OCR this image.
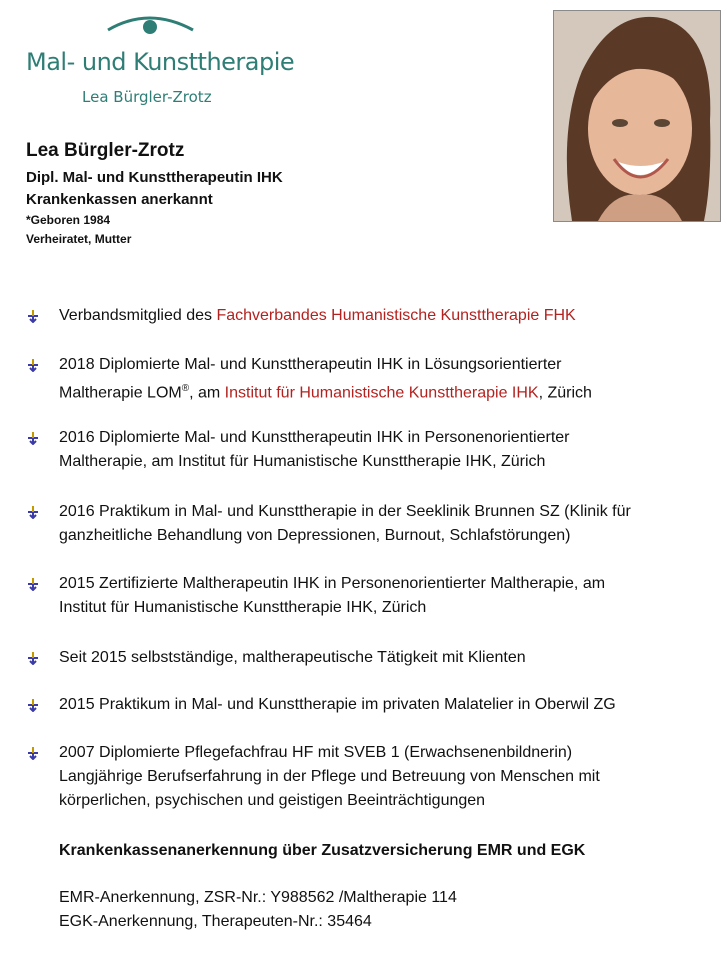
Mal- und Kunsttherapie
Lea Bürgler-Zrotz
Lea Bürgler-Zrotz
Dipl. Mal- und Kunsttherapeutin IHK
Krankenkassen anerkannt
*Geboren 1984
Verheiratet, Mutter
Verbandsmitglied des Fachverbandes Humanistische Kunsttherapie FHK
2018 Diplomierte Mal- und Kunsttherapeutin IHK in Lösungsorientierter
Maltherapie LOM®, am Institut für Humanistische Kunsttherapie IHK, Zürich
2016 Diplomierte Mal- und Kunsttherapeutin IHK in Personenorientierter
Maltherapie, am Institut für Humanistische Kunsttherapie IHK, Zürich
2016 Praktikum in Mal- und Kunsttherapie in der Seeklinik Brunnen SZ (Klinik für
ganzheitliche Behandlung von Depressionen, Burnout, Schlafstörungen)
2015 Zertifizierte Maltherapeutin IHK in Personenorientierter Maltherapie, am
Institut für Humanistische Kunsttherapie IHK, Zürich
Seit 2015 selbstständige, maltherapeutische Tätigkeit mit Klienten
2015 Praktikum in Mal- und Kunsttherapie im privaten Malatelier in Oberwil ZG
2007 Diplomierte Pflegefachfrau HF mit SVEB 1 (Erwachsenenbildnerin)
Langjährige Berufserfahrung in der Pflege und Betreuung von Menschen mit
körperlichen, psychischen und geistigen Beeinträchtigungen
Krankenkassenanerkennung über Zusatzversicherung EMR und EGK
EMR-Anerkennung, ZSR-Nr.: Y988562 /Maltherapie 114
EGK-Anerkennung, Therapeuten-Nr.: 35464
